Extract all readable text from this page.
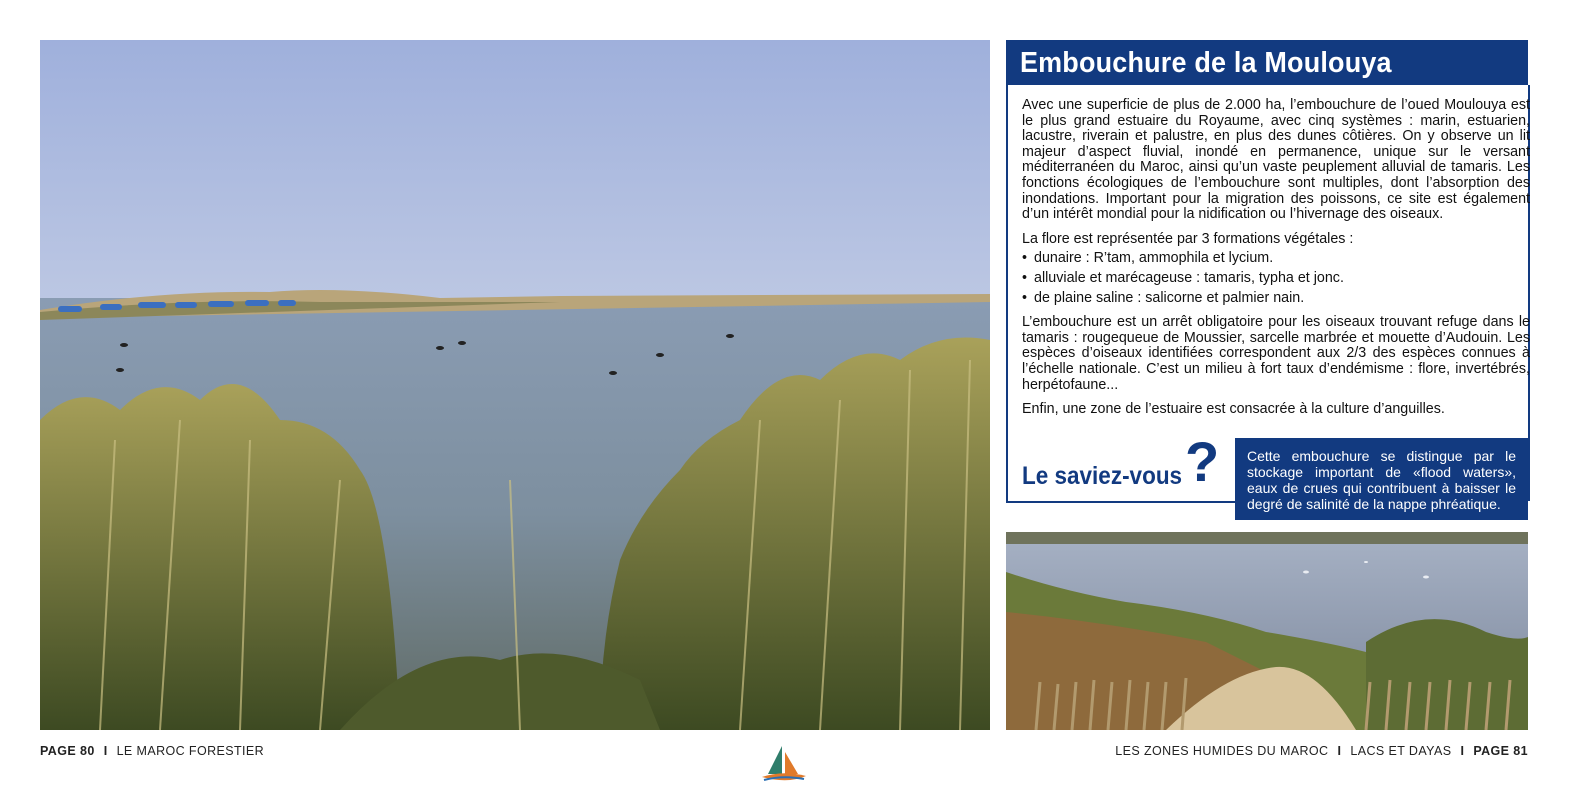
Embouchure de la Moulouya

Avec une superficie de plus de 2.000 ha, l’embouchure de l’oued Moulouya est le plus grand estuaire du Royaume, avec cinq systèmes : marin, estuarien, lacustre, riverain et palustre, en plus des dunes côtières. On y observe un lit majeur d’aspect fluvial, inondé en permanence, unique sur le versant méditerranéen du Maroc, ainsi qu’un vaste peuplement alluvial de tamaris. Les fonctions écologiques de l’embouchure sont multiples, dont l’absorption des inondations. Important pour la migration des poissons, ce site est également d’un intérêt mondial pour la nidification ou l’hivernage des oiseaux.

La flore est représentée par 3 formations végétales :

• dunaire : R’tam, ammophila et lycium.
• alluviale et marécageuse : tamaris, typha et jonc.
• de plaine saline : salicorne et palmier nain.

L’embouchure est un arrêt obligatoire pour les oiseaux trouvant refuge dans le tamaris : rougequeue de Moussier, sarcelle marbrée et mouette d’Audouin. Les espèces d’oiseaux identifiées correspondent aux 2/3 des espèces connues à l’échelle nationale. C’est un milieu à fort taux d’endémisme : flore, invertébrés, herpétofaune...

Enfin, une zone de l’estuaire est consacrée à la culture d’anguilles.

Le saviez-vous ?	Cette embouchure se distingue par le stockage important de «flood waters», eaux de crues qui contribuent à baisser le degré de salinité de la nappe phréatique.
PAGE 80 I LE MAROC FORESTIER	LES ZONES HUMIDES DU MAROC I LACS ET DAYAS I PAGE 81
